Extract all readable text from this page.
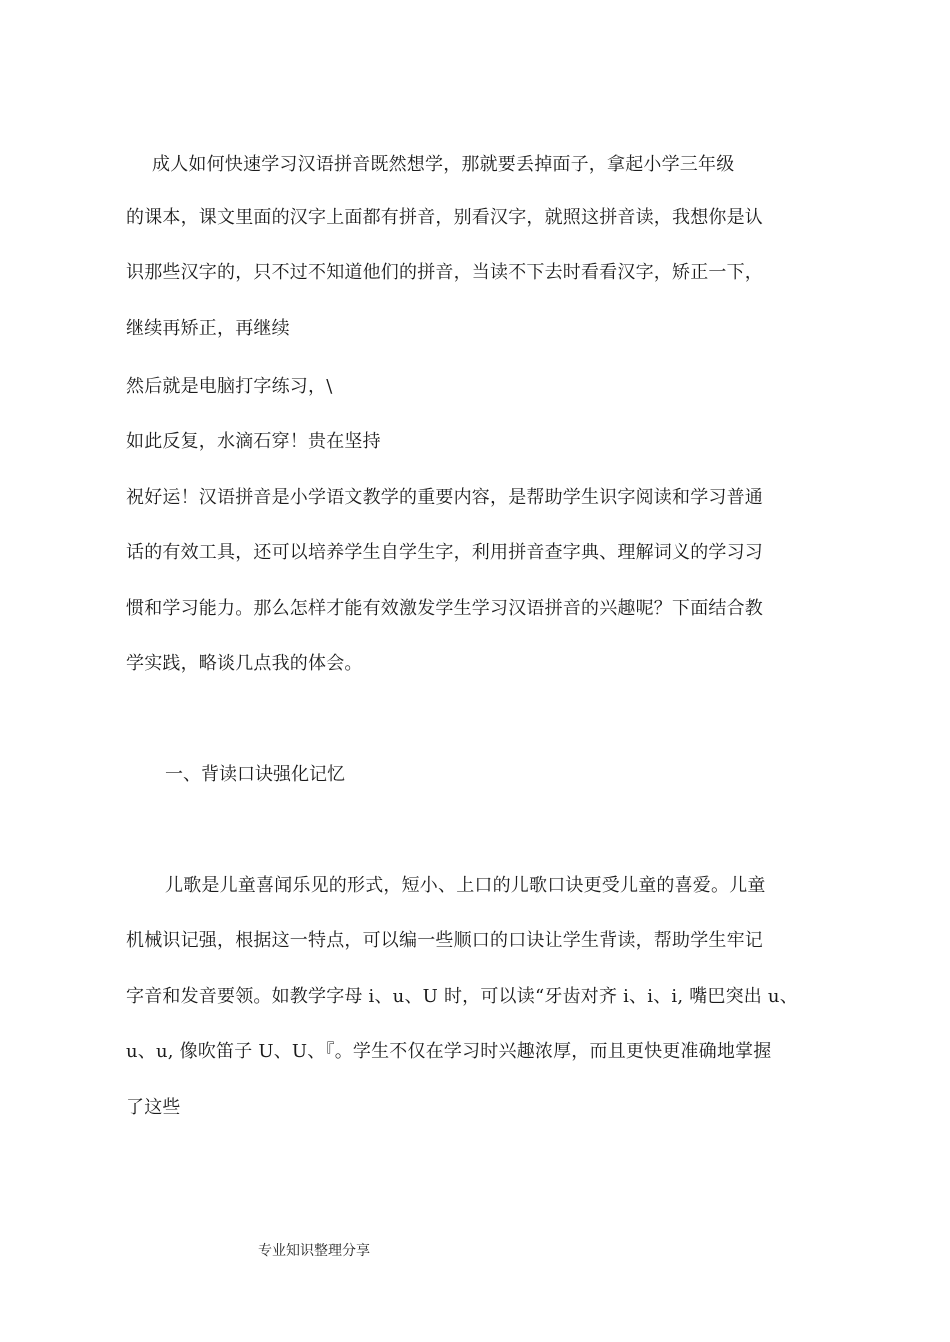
成人如何快速学习汉语拼音既然想学，那就要丢掉面子，拿起小学三年级
的课本，课文里面的汉字上面都有拼音，别看汉字，就照这拼音读，我想你是认
识那些汉字的，只不过不知道他们的拼音，当读不下去时看看汉字，矫正一下，
继续再矫正，再继续
然后就是电脑打字练习，\
如此反复，水滴石穿！贵在坚持
祝好运！汉语拼音是小学语文教学的重要内容，是帮助学生识字阅读和学习普通
话的有效工具，还可以培养学生自学生字，利用拼音查字典、理解词义的学习习
惯和学习能力。那么怎样才能有效激发学生学习汉语拼音的兴趣呢？下面结合教
学实践，略谈几点我的体会。
一、背读口诀强化记忆
儿歌是儿童喜闻乐见的形式，短小、上口的儿歌口诀更受儿童的喜爱。儿童
机械识记强，根据这一特点，可以编一些顺口的口诀让学生背读，帮助学生牢记
字音和发音要领。如教学字母 i、u、U 时，可以读“牙齿对齐 i、i、i, 嘴巴突出 u、
u、u, 像吹笛子 U、U、『。学生不仅在学习时兴趣浓厚，而且更快更准确地掌握
了这些
专业知识整理分享
